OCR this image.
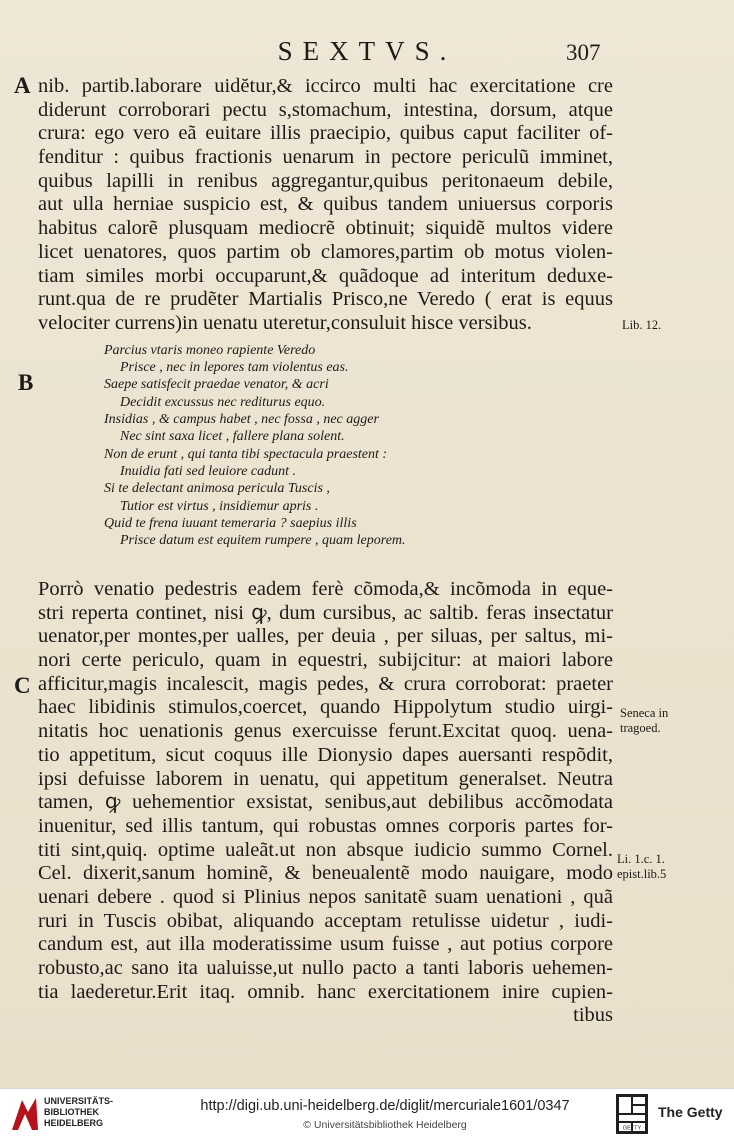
SEXTVS.	307
A
B
C
nib. partib.laborare uidĕtur,& iccirco multi hac exercitatione cre
diderunt corroborari pectu s,stomachum, intestina, dorsum, atque
crura: ego vero eã euitare illis praecipio, quibus caput faciliter of-
fenditur : quibus fractionis uenarum in pectore periculũ imminet,
quibus lapilli in renibus aggregantur,quibus peritonaeum debile,
aut ulla herniae suspicio est, & quibus tandem uniuersus corporis
habitus calorẽ plusquam mediocrẽ obtinuit; siquidẽ multos videre
licet uenatores, quos partim ob clamores,partim ob motus violen-
tiam similes morbi occuparunt,& quãdoque ad interitum deduxe-
runt.qua de re prudẽter Martialis Prisco,ne Veredo ( erat is equus
velociter currens)in uenatu uteretur,consuluit hisce versibus.
Parcius vtaris moneo rapiente Veredo
Prisce , nec in lepores tam violentus eas.
Saepe satisfecit praedae venator, & acri
Decidit excussus nec rediturus equo.
Insidias , & campus habet , nec fossa , nec agger
Nec sint saxa licet , fallere plana solent.
Non de erunt , qui tanta tibi spectacula praestent :
Inuidia fati sed leuiore cadunt .
Si te delectant animosa pericula Tuscis ,
Tutior est virtus , insidiemur apris .
Quid te frena iuuant temeraria ? saepius illis
Prisce datum est equitem rumpere , quam leporem.
Porrò venatio pedestris eadem ferè cõmoda,& incõmoda in eque-
stri reperta continet, nisi ꝙ, dum cursibus, ac saltib. feras insectatur
uenator,per montes,per ualles, per deuia , per siluas, per saltus, mi-
nori certe periculo, quam in equestri, subijcitur: at maiori labore
afficitur,magis incalescit, magis pedes, & crura corroborat: praeter
haec libidinis stimulos,coercet, quando Hippolytum studio uirgi-
nitatis hoc uenationis genus exercuisse ferunt.Excitat quoq. uena-
tio appetitum, sicut coquus ille Dionysio dapes auersanti respõdit,
ipsi defuisse laborem in uenatu, qui appetitum generalset. Neutra
tamen, ꝙ uehementior exsistat, senibus,aut debilibus accõmodata
inuenitur, sed illis tantum, qui robustas omnes corporis partes for-
titi sint,quiq. optime ualeãt.ut non absque iudicio summo Cornel.
Cel. dixerit,sanum hominẽ, & beneualentẽ modo nauigare, modo
uenari debere . quod si Plinius nepos sanitatẽ suam uenationi , quã
ruri in Tuscis obibat, aliquando acceptam retulisse uidetur , iudi-
candum est, aut illa moderatissime usum fuisse , aut potius corpore
robusto,ac sano ita ualuisse,ut nullo pacto a tanti laboris uehemen-
tia laederetur.Erit itaq. omnib. hanc exercitationem inire cupien-
tibus
Lib. 12.
Seneca in
tragoed.
Li. 1.c. 1.
epist.lib.5
UNIVERSITÄTS-
BIBLIOTHEK
HEIDELBERG
http://digi.ub.uni-heidelberg.de/diglit/mercuriale1601/0347
© Universitätsbibliothek Heidelberg	GETTY
The Getty
